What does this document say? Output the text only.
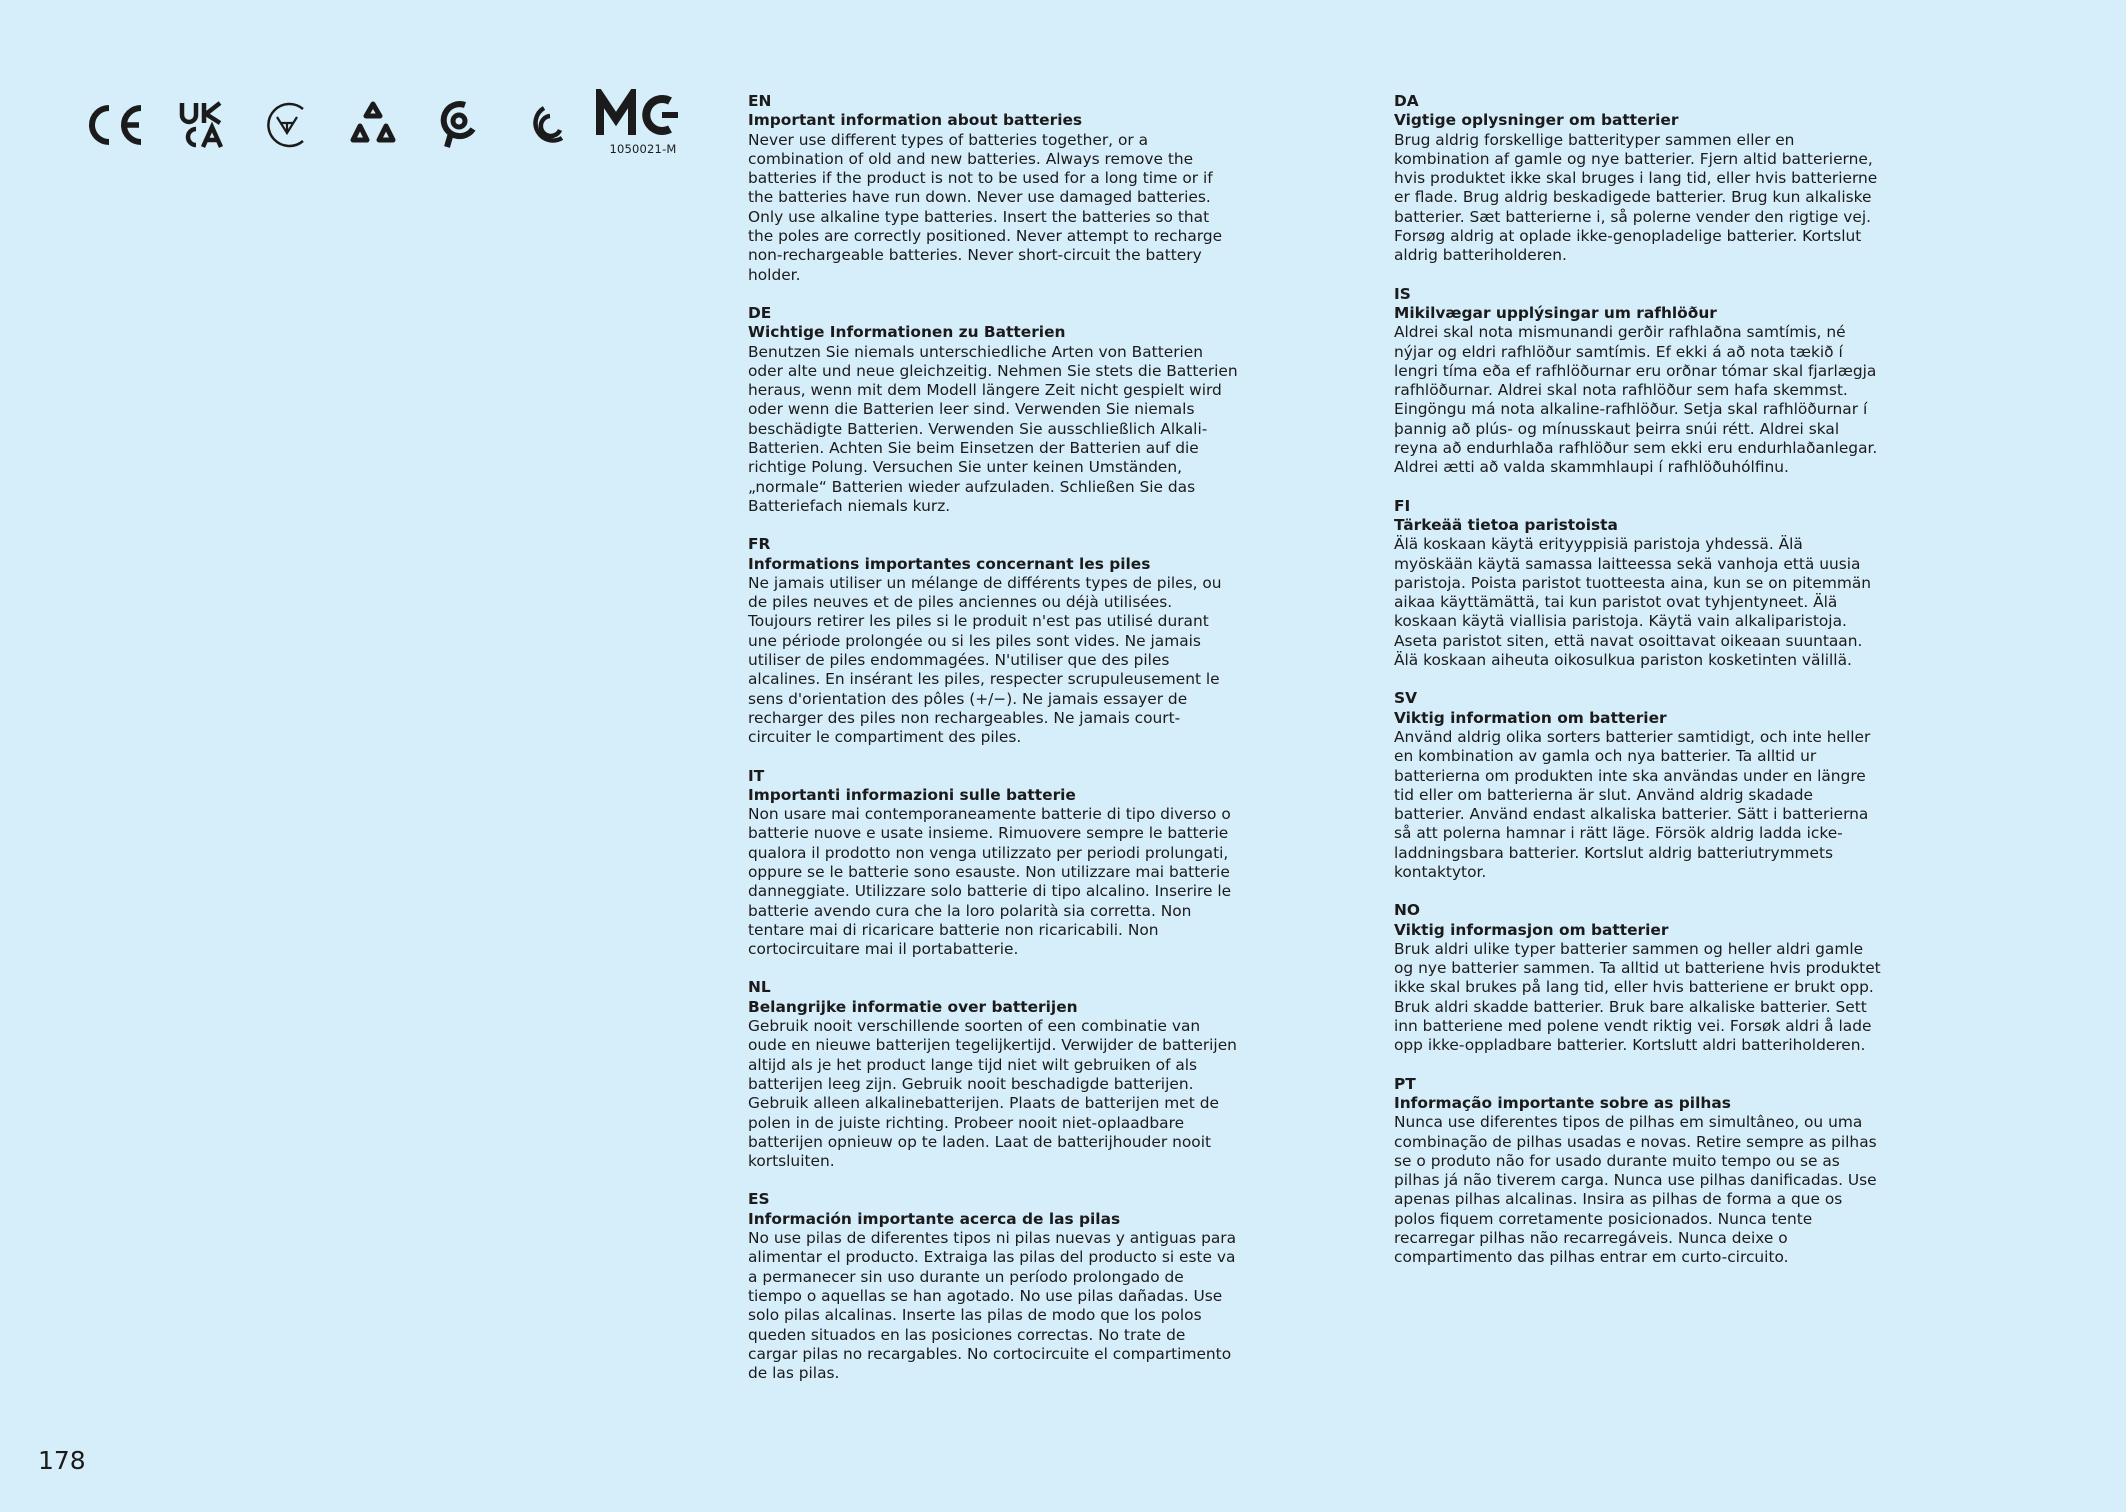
1050021-M
EN
Important information about batteries
Never use different types of batteries together, or a combination of old and new batteries. Always remove the batteries if the product is not to be used for a long time or if the batteries have run down. Never use damaged batteries. Only use alkaline type batteries. Insert the batteries so that the poles are correctly positioned. Never attempt to recharge non-rechargeable batteries. Never short-circuit the battery holder.
DE
Wichtige Informationen zu Batterien
Benutzen Sie niemals unterschiedliche Arten von Batterien oder alte und neue gleichzeitig. Nehmen Sie stets die Batterien heraus, wenn mit dem Modell längere Zeit nicht gespielt wird oder wenn die Batterien leer sind. Verwenden Sie niemals beschädigte Batterien. Verwenden Sie ausschließlich Alkali-Batterien. Achten Sie beim Einsetzen der Batterien auf die richtige Polung. Versuchen Sie unter keinen Umständen, „normale“ Batterien wieder aufzuladen. Schließen Sie das Batteriefach niemals kurz.
FR
Informations importantes concernant les piles
Ne jamais utiliser un mélange de différents types de piles, ou de piles neuves et de piles anciennes ou déjà utilisées. Toujours retirer les piles si le produit n'est pas utilisé durant une période prolongée ou si les piles sont vides. Ne jamais utiliser de piles endommagées. N'utiliser que des piles alcalines. En insérant les piles, respecter scrupuleusement le sens d'orientation des pôles (+/−). Ne jamais essayer de recharger des piles non rechargeables. Ne jamais court-circuiter le compartiment des piles.
IT
Importanti informazioni sulle batterie
Non usare mai contemporaneamente batterie di tipo diverso o batterie nuove e usate insieme. Rimuovere sempre le batterie qualora il prodotto non venga utilizzato per periodi prolungati, oppure se le batterie sono esauste. Non utilizzare mai batterie danneggiate. Utilizzare solo batterie di tipo alcalino. Inserire le batterie avendo cura che la loro polarità sia corretta. Non tentare mai di ricaricare batterie non ricaricabili. Non cortocircuitare mai il portabatterie.
NL
Belangrijke informatie over batterijen
Gebruik nooit verschillende soorten of een combinatie van oude en nieuwe batterijen tegelijkertijd. Verwijder de batterijen altijd als je het product lange tijd niet wilt gebruiken of als batterijen leeg zijn. Gebruik nooit beschadigde batterijen. Gebruik alleen alkalinebatterijen. Plaats de batterijen met de polen in de juiste richting. Probeer nooit niet-oplaadbare batterijen opnieuw op te laden. Laat de batterijhouder nooit kortsluiten.
ES
Información importante acerca de las pilas
No use pilas de diferentes tipos ni pilas nuevas y antiguas para alimentar el producto. Extraiga las pilas del producto si este va a permanecer sin uso durante un período prolongado de tiempo o aquellas se han agotado. No use pilas dañadas. Use solo pilas alcalinas. Inserte las pilas de modo que los polos queden situados en las posiciones correctas. No trate de cargar pilas no recargables. No cortocircuite el compartimento de las pilas.
DA
Vigtige oplysninger om batterier
Brug aldrig forskellige batterityper sammen eller en kombination af gamle og nye batterier. Fjern altid batterierne, hvis produktet ikke skal bruges i lang tid, eller hvis batterierne er flade. Brug aldrig beskadigede batterier. Brug kun alkaliske batterier. Sæt batterierne i, så polerne vender den rigtige vej. Forsøg aldrig at oplade ikke-genopladelige batterier. Kortslut aldrig batteriholderen.
IS
Mikilvægar upplýsingar um rafhlöður
Aldrei skal nota mismunandi gerðir rafhlaðna samtímis, né nýjar og eldri rafhlöður samtímis. Ef ekki á að nota tækið í lengri tíma eða ef rafhlöðurnar eru orðnar tómar skal fjarlægja rafhlöðurnar. Aldrei skal nota rafhlöður sem hafa skemmst. Eingöngu má nota alkaline-rafhlöður. Setja skal rafhlöðurnar í þannig að plús- og mínusskaut þeirra snúi rétt. Aldrei skal reyna að endurhlaða rafhlöður sem ekki eru endurhlaðanlegar. Aldrei ætti að valda skammhlaupi í rafhlöðuhólfinu.
FI
Tärkeää tietoa paristoista
Älä koskaan käytä erityyppisiä paristoja yhdessä. Älä myöskään käytä samassa laitteessa sekä vanhoja että uusia paristoja. Poista paristot tuotteesta aina, kun se on pitemmän aikaa käyttämättä, tai kun paristot ovat tyhjentyneet. Älä koskaan käytä viallisia paristoja. Käytä vain alkaliparistoja. Aseta paristot siten, että navat osoittavat oikeaan suuntaan. Älä koskaan aiheuta oikosulkua pariston kosketinten välillä.
SV
Viktig information om batterier
Använd aldrig olika sorters batterier samtidigt, och inte heller en kombination av gamla och nya batterier. Ta alltid ur batterierna om produkten inte ska användas under en längre tid eller om batterierna är slut. Använd aldrig skadade batterier. Använd endast alkaliska batterier. Sätt i batterierna så att polerna hamnar i rätt läge. Försök aldrig ladda icke-laddningsbara batterier. Kortslut aldrig batteriutrymmets kontaktytor.
NO
Viktig informasjon om batterier
Bruk aldri ulike typer batterier sammen og heller aldri gamle og nye batterier sammen. Ta alltid ut batteriene hvis produktet ikke skal brukes på lang tid, eller hvis batteriene er brukt opp. Bruk aldri skadde batterier. Bruk bare alkaliske batterier. Sett inn batteriene med polene vendt riktig vei. Forsøk aldri å lade opp ikke-oppladbare batterier. Kortslutt aldri batteriholderen.
PT
Informação importante sobre as pilhas
Nunca use diferentes tipos de pilhas em simultâneo, ou uma combinação de pilhas usadas e novas. Retire sempre as pilhas se o produto não for usado durante muito tempo ou se as pilhas já não tiverem carga. Nunca use pilhas danificadas. Use apenas pilhas alcalinas. Insira as pilhas de forma a que os polos fiquem corretamente posicionados. Nunca tente recarregar pilhas não recarregáveis. Nunca deixe o compartimento das pilhas entrar em curto-circuito.
178
